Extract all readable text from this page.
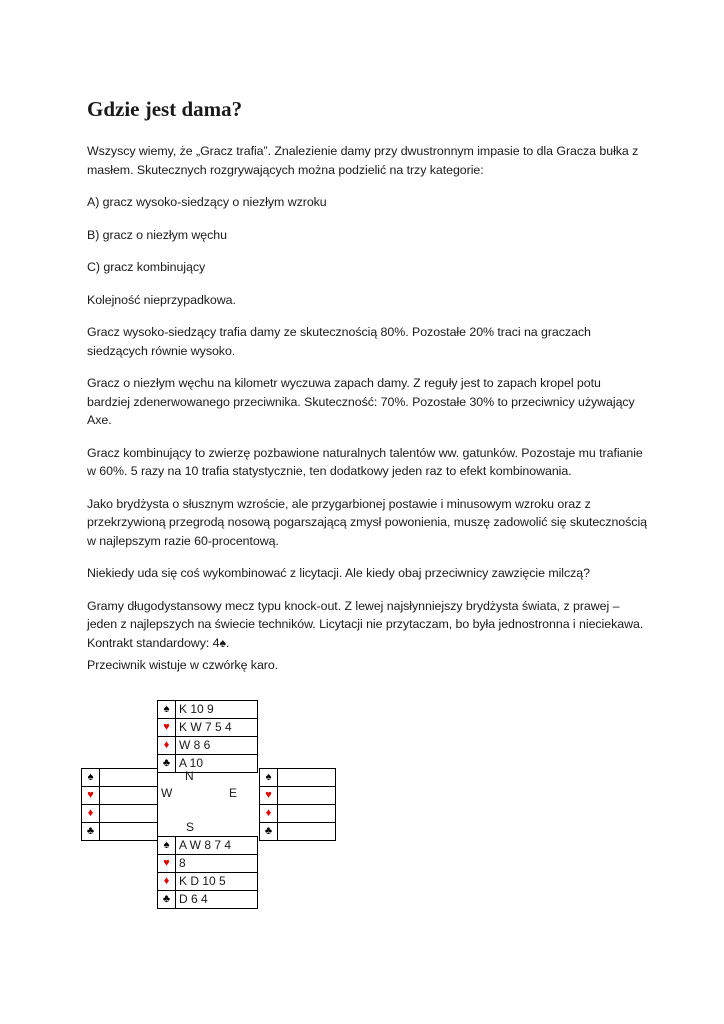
Gdzie jest dama?

Wszyscy wiemy, że „Gracz trafia”. Znalezienie damy przy dwustronnym impasie to dla Gracza bułka z masłem. Skutecznych rozgrywających można podzielić na trzy kategorie:

A) gracz wysoko-siedzący o niezłym wzroku

B) gracz o niezłym węchu

C) gracz kombinujący

Kolejność nieprzypadkowa.

Gracz wysoko-siedzący trafia damy ze skutecznością 80%. Pozostałe 20% traci na graczach siedzących równie wysoko.

Gracz o niezłym węchu na kilometr wyczuwa zapach damy. Z reguły jest to zapach kropel potu bardziej zdenerwowanego przeciwnika. Skuteczność: 70%. Pozostałe 30% to przeciwnicy używający Axe.

Gracz kombinujący to zwierzę pozbawione naturalnych talentów ww. gatunków. Pozostaje mu trafianie w 60%. 5 razy na 10 trafia statystycznie, ten dodatkowy jeden raz to efekt kombinowania.

Jako brydżysta o słusznym wzroście, ale przygarbionej postawie i minusowym wzroku oraz z przekrzywioną przegrodą nosową pogarszającą zmysł powonienia, muszę zadowolić się skutecznością w najlepszym razie 60-procentową.

Niekiedy uda się coś wykombinować z licytacji. Ale kiedy obaj przeciwnicy zawzięcie milczą?

Gramy długodystansowy mecz typu knock-out. Z lewej najsłynniejszy brydżysta świata, z prawej – jeden z najlepszych na świecie techników. Licytacji nie przytaczam, bo była jednostronna i nieciekawa. Kontrakt standardowy: 4♠.

Przeciwnik wistuje w czwórkę karo.

♠	K 10 9
♥	K W 7 5 4
♦	W 8 6
♣	A 10
♠	
♥	
♦	
♣	
♠	
♥	
♦	
♣	
N
W	E
S
♠	A W 8 7 4
♥	8
♦	K D 10 5
♣	D 6 4
